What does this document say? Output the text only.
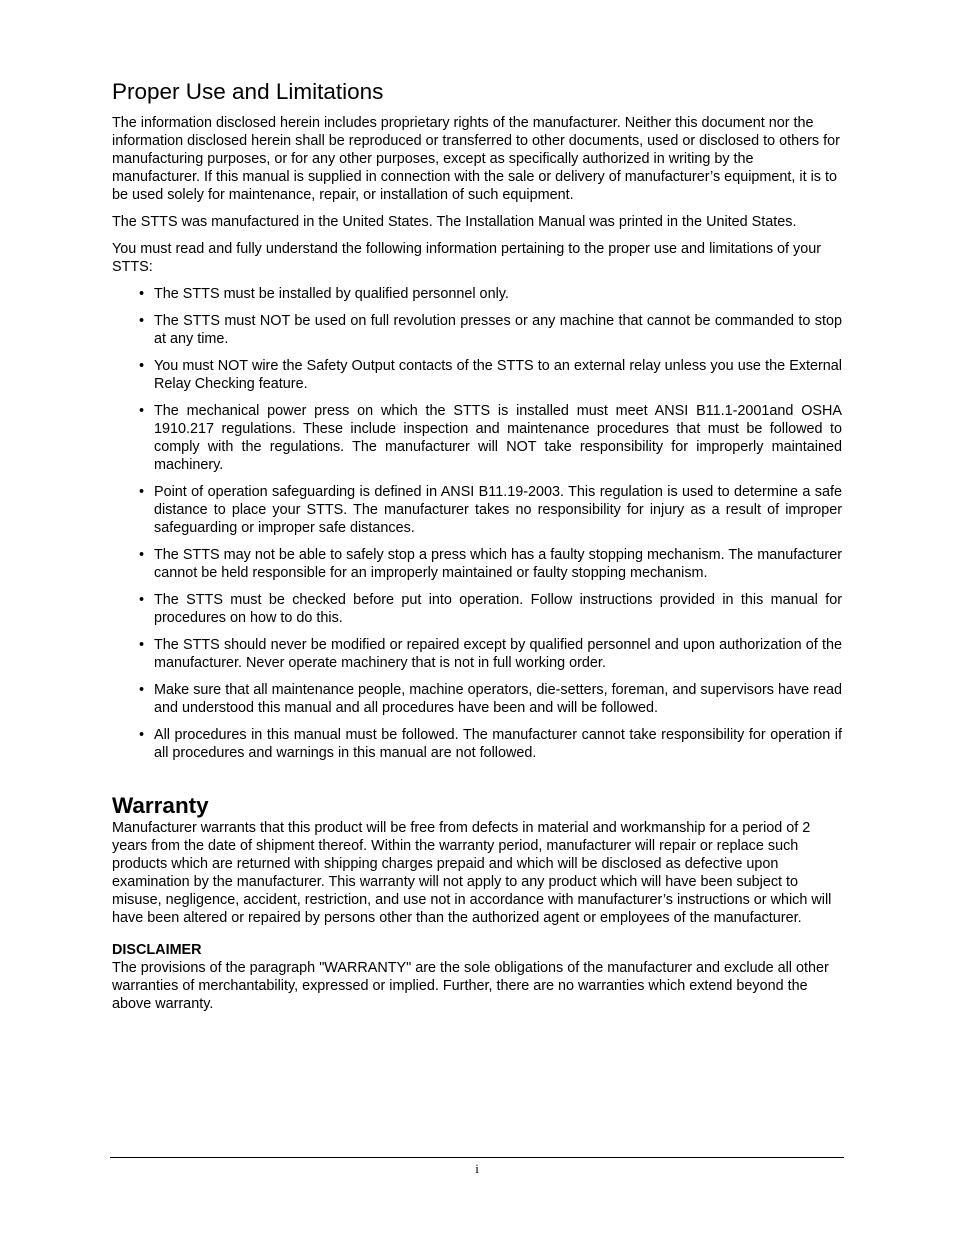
Proper Use and Limitations

The information disclosed herein includes proprietary rights of the manufacturer. Neither this document nor the information disclosed herein shall be reproduced or transferred to other documents, used or disclosed to others for manufacturing purposes, or for any other purposes, except as specifically authorized in writing by the manufacturer. If this manual is supplied in connection with the sale or delivery of manufacturer’s equipment, it is to be used solely for maintenance, repair, or installation of such equipment.

The STTS was manufactured in the United States. The Installation Manual was printed in the United States.

You must read and fully understand the following information pertaining to the proper use and limitations of your STTS:

• The STTS must be installed by qualified personnel only.
• The STTS must NOT be used on full revolution presses or any machine that cannot be commanded to stop at any time.
• You must NOT wire the Safety Output contacts of the STTS to an external relay unless you use the External Relay Checking feature.
• The mechanical power press on which the STTS is installed must meet ANSI B11.1-2001and OSHA 1910.217 regulations. These include inspection and maintenance procedures that must be followed to comply with the regulations. The manufacturer will NOT take responsibility for improperly maintained machinery.
• Point of operation safeguarding is defined in ANSI B11.19-2003. This regulation is used to determine a safe distance to place your STTS. The manufacturer takes no responsibility for injury as a result of improper safeguarding or improper safe distances.
• The STTS may not be able to safely stop a press which has a faulty stopping mechanism. The manufacturer cannot be held responsible for an improperly maintained or faulty stopping mechanism.
• The STTS must be checked before put into operation. Follow instructions provided in this manual for procedures on how to do this.
• The STTS should never be modified or repaired except by qualified personnel and upon authorization of the manufacturer. Never operate machinery that is not in full working order.
• Make sure that all maintenance people, machine operators, die-setters, foreman, and supervisors have read and understood this manual and all procedures have been and will be followed.
• All procedures in this manual must be followed. The manufacturer cannot take responsibility for operation if all procedures and warnings in this manual are not followed.
Warranty

Manufacturer warrants that this product will be free from defects in material and workmanship for a period of 2 years from the date of shipment thereof. Within the warranty period, manufacturer will repair or replace such products which are returned with shipping charges prepaid and which will be disclosed as defective upon examination by the manufacturer. This warranty will not apply to any product which will have been subject to misuse, negligence, accident, restriction, and use not in accordance with manufacturer’s instructions or which will have been altered or repaired by persons other than the authorized agent or employees of the manufacturer.

DISCLAIMER

The provisions of the paragraph "WARRANTY" are the sole obligations of the manufacturer and exclude all other warranties of merchantability, expressed or implied. Further, there are no warranties which extend beyond the above warranty.

i
